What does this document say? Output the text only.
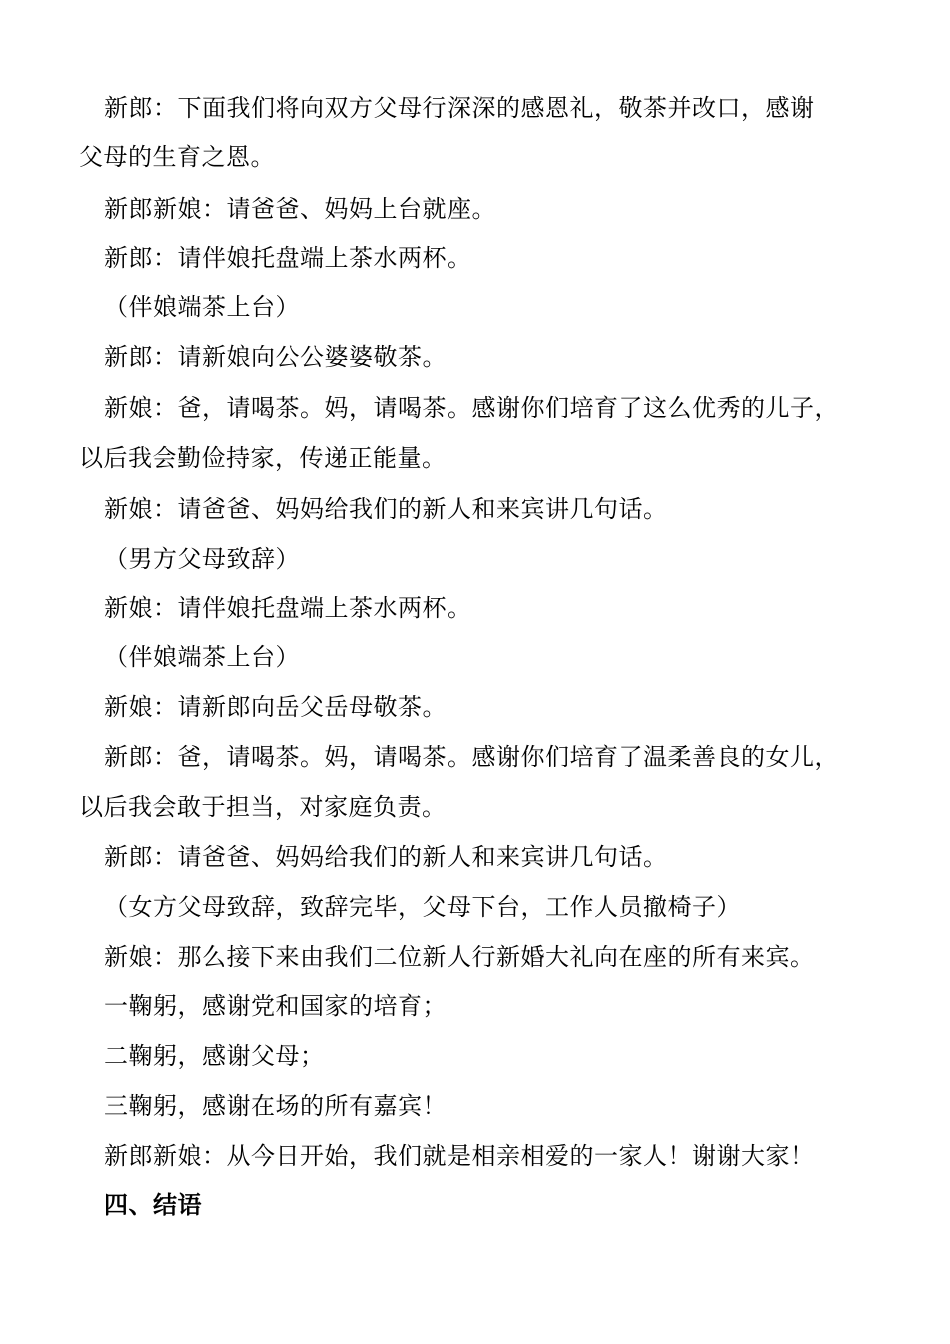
新郎：下面我们将向双方父母行深深的感恩礼，敬茶并改口，感谢
父母的生育之恩。
新郎新娘：请爸爸、妈妈上台就座。
新郎：请伴娘托盘端上茶水两杯。
（伴娘端茶上台）
新郎：请新娘向公公婆婆敬茶。
新娘：爸，请喝茶。妈，请喝茶。感谢你们培育了这么优秀的儿子，
以后我会勤俭持家，传递正能量。
新娘：请爸爸、妈妈给我们的新人和来宾讲几句话。
（男方父母致辞）
新娘：请伴娘托盘端上茶水两杯。
（伴娘端茶上台）
新娘：请新郎向岳父岳母敬茶。
新郎：爸，请喝茶。妈，请喝茶。感谢你们培育了温柔善良的女儿，
以后我会敢于担当，对家庭负责。
新郎：请爸爸、妈妈给我们的新人和来宾讲几句话。
（女方父母致辞，致辞完毕，父母下台，工作人员撤椅子）
新娘：那么接下来由我们二位新人行新婚大礼向在座的所有来宾。
一鞠躬，感谢党和国家的培育；
二鞠躬，感谢父母；
三鞠躬，感谢在场的所有嘉宾！
新郎新娘：从今日开始，我们就是相亲相爱的一家人！谢谢大家！
四、结语
